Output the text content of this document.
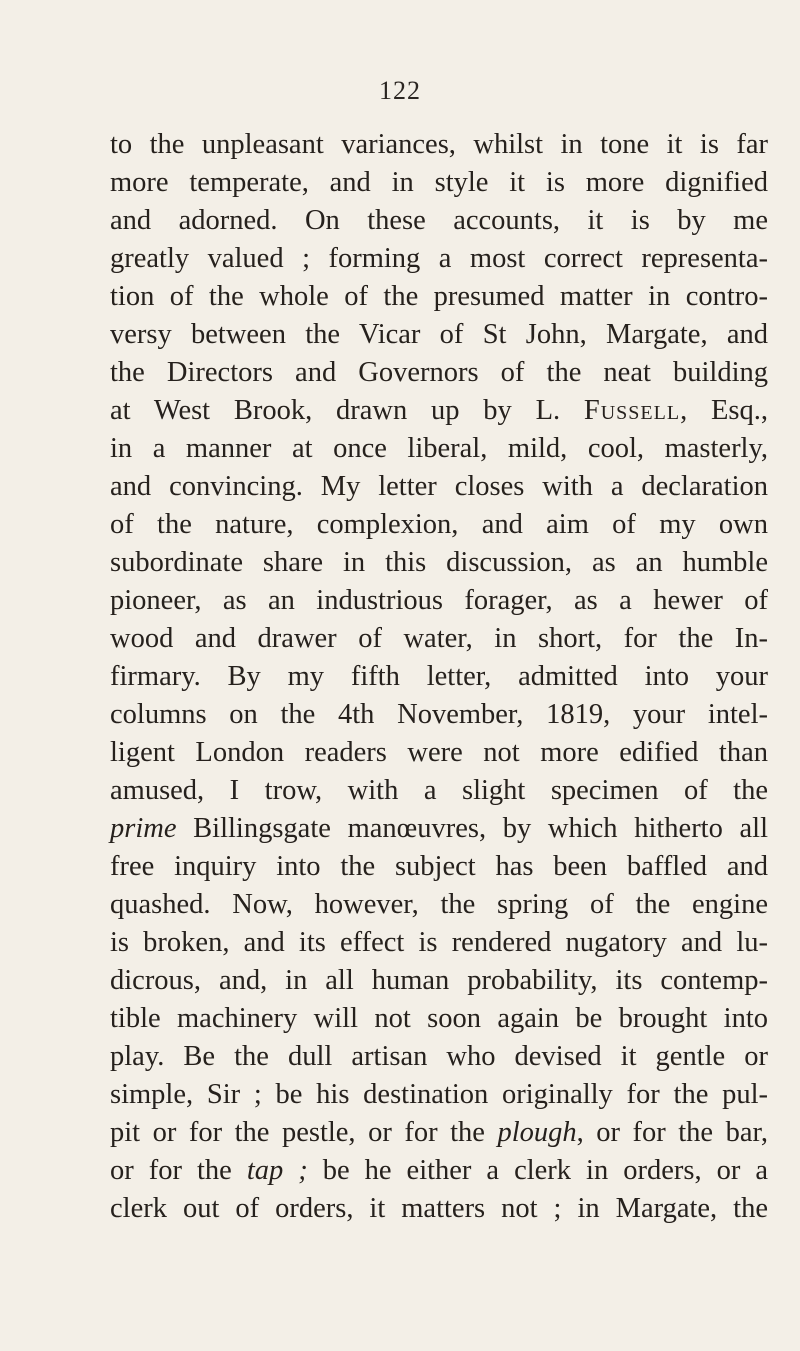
122
to the unpleasant variances, whilst in tone it is far
more temperate, and in style it is more dignified
and adorned. On these accounts, it is by me
greatly valued ; forming a most correct representa-
tion of the whole of the presumed matter in contro-
versy between the Vicar of St John, Margate, and
the Directors and Governors of the neat building
at West Brook, drawn up by L. Fussell, Esq.,
in a manner at once liberal, mild, cool, masterly,
and convincing. My letter closes with a declaration
of the nature, complexion, and aim of my own
subordinate share in this discussion, as an humble
pioneer, as an industrious forager, as a hewer of
wood and drawer of water, in short, for the In-
firmary. By my fifth letter, admitted into your
columns on the 4th November, 1819, your intel-
ligent London readers were not more edified than
amused, I trow, with a slight specimen of the
prime Billingsgate manœuvres, by which hitherto all
free inquiry into the subject has been baffled and
quashed. Now, however, the spring of the engine
is broken, and its effect is rendered nugatory and lu-
dicrous, and, in all human probability, its contemp-
tible machinery will not soon again be brought into
play. Be the dull artisan who devised it gentle or
simple, Sir ; be his destination originally for the pul-
pit or for the pestle, or for the plough, or for the bar,
or for the tap ; be he either a clerk in orders, or a
clerk out of orders, it matters not ; in Margate, the
